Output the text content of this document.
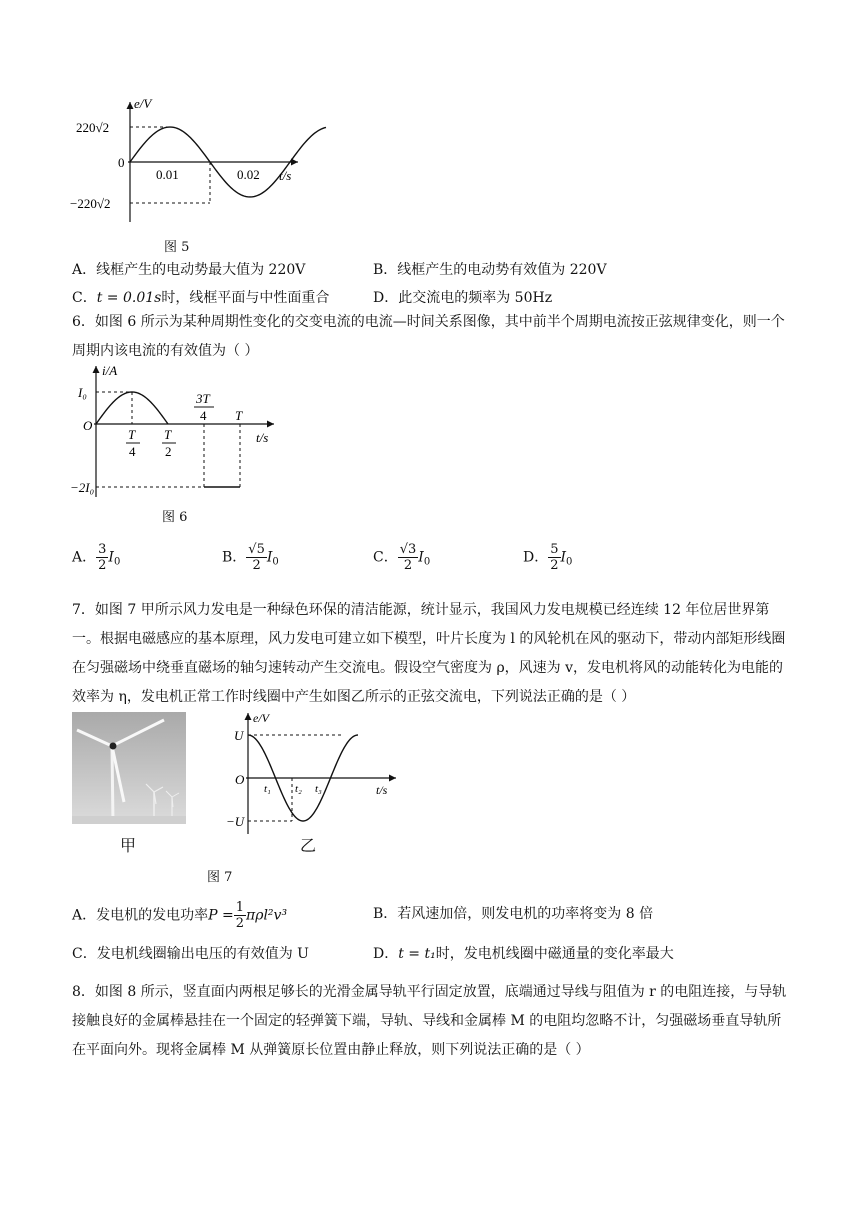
e/V
t/s
220√2
−220√2
0
0.01	0.02
图 5
A．线框产生的电动势最大值为 220V	B．线框产生的电动势有效值为 220V
C．t = 0.01s时，线框平面与中性面重合	D．此交流电的频率为 50Hz
6．如图 6 所示为某种周期性变化的交变电流的电流—时间关系图像，其中前半个周期电流按正弦规律变化，则一个周期内该电流的有效值为（ ）
i/A
t/s
O
I₀
−2I₀
T
4
T
2
3T
4 T
图 6
A． $\frac{3}{2} I_0$	B． $\frac{√5}{2} I_0$	C． $\frac{√3}{2} I_0$	D． $\frac{5}{2} I_0$
7．如图 7 甲所示风力发电是一种绿色环保的清洁能源，统计显示，我国风力发电规模已经连续 12 年位居世界第一。根据电磁感应的基本原理，风力发电可建立如下模型，叶片长度为 l 的风轮机在风的驱动下，带动内部矩形线圈在匀强磁场中绕垂直磁场的轴匀速转动产生交流电。假设空气密度为 ρ，风速为 v，发电机将风的动能转化为电能的效率为 η，发电机正常工作时线圈中产生如图乙所示的正弦交流电，下列说法正确的是（ ）
甲
e/V
t/s
O
U
−U
t₁ t₂ t₃
乙
图 7
A．发电机的发电功率$P = \frac{1}{2} \pi\rho l^2v^3$	B．若风速加倍，则发电机的功率将变为 8 倍
C．发电机线圈输出电压的有效值为 U	D．t = t₁时，发电机线圈中磁通量的变化率最大
8．如图 8 所示，竖直面内两根足够长的光滑金属导轨平行固定放置，底端通过导线与阻值为 r 的电阻连接，与导轨接触良好的金属棒悬挂在一个固定的轻弹簧下端，导轨、导线和金属棒 M 的电阻均忽略不计，匀强磁场垂直导轨所在平面向外。现将金属棒 M 从弹簧原长位置由静止释放，则下列说法正确的是（ ）
